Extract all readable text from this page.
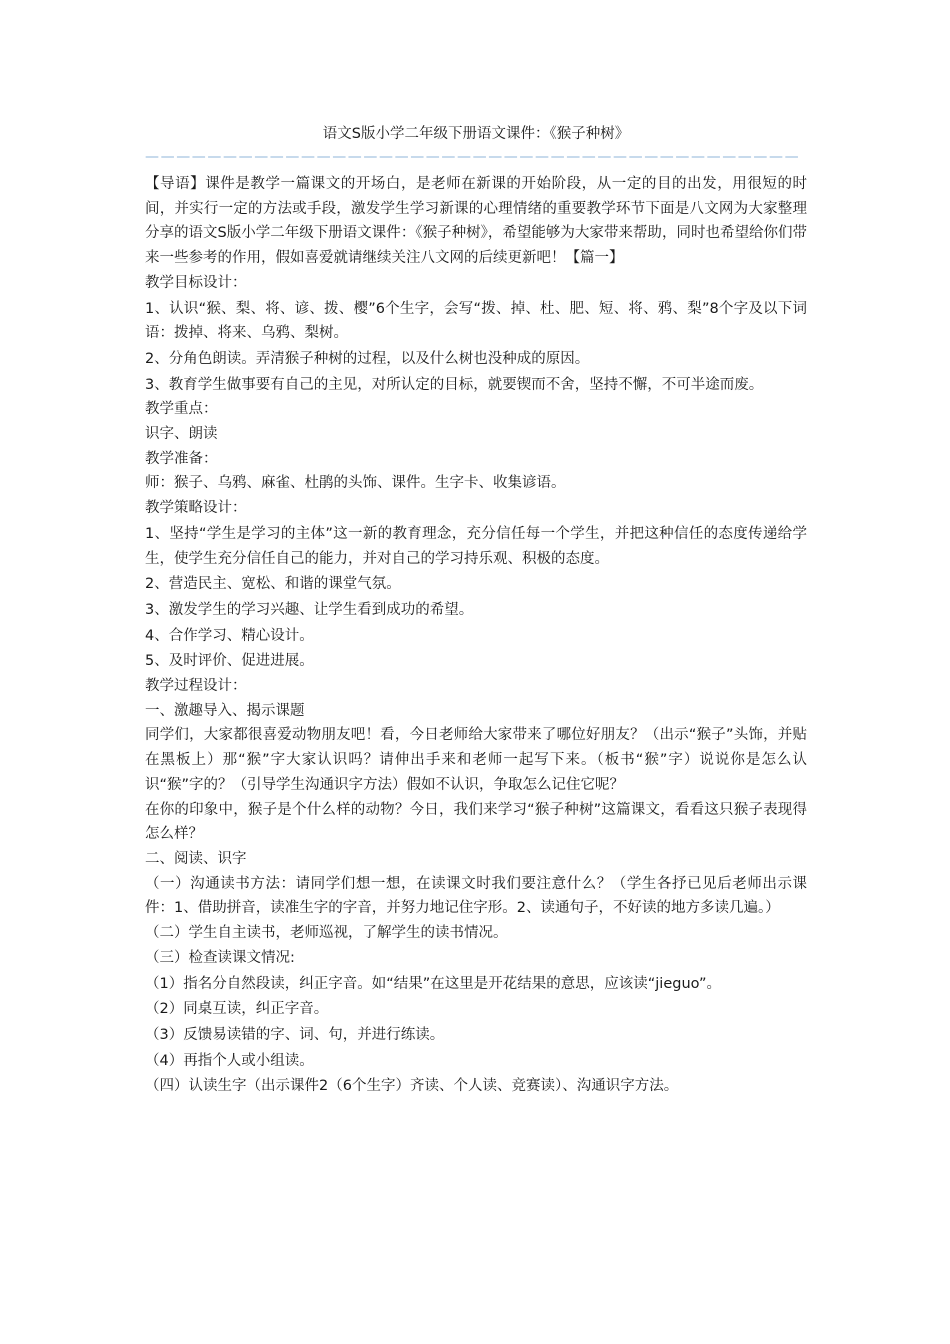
语文S版小学二年级下册语文课件：《猴子种树》

——————————————————————————————————————————

【导语】课件是教学一篇课文的开场白，是老师在新课的开始阶段，从一定的目的出发，用很短的时间，并实行一定的方法或手段，激发学生学习新课的心理情绪的重要教学环节下面是八文网为大家整理分享的语文S版小学二年级下册语文课件：《猴子种树》，希望能够为大家带来帮助，同时也希望给你们带来一些参考的作用，假如喜爱就请继续关注八文网的后续更新吧！【篇一】

教学目标设计：

1、认识“猴、梨、将、谚、拨、樱”6个生字，会写“拨、掉、杜、肥、短、将、鸦、梨”8个字及以下词语：拨掉、将来、乌鸦、梨树。

2、分角色朗读。弄清猴子种树的过程，以及什么树也没种成的原因。

3、教育学生做事要有自己的主见，对所认定的目标，就要锲而不舍，坚持不懈，不可半途而废。

教学重点：

识字、朗读

教学准备：

师：猴子、乌鸦、麻雀、杜鹃的头饰、课件。生字卡、收集谚语。

教学策略设计：

1、坚持“学生是学习的主体”这一新的教育理念，充分信任每一个学生，并把这种信任的态度传递给学生，使学生充分信任自己的能力，并对自己的学习持乐观、积极的态度。

2、营造民主、宽松、和谐的课堂气氛。

3、激发学生的学习兴趣、让学生看到成功的希望。

4、合作学习、精心设计。

5、及时评价、促进进展。

教学过程设计：

一、激趣导入、揭示课题

同学们，大家都很喜爱动物朋友吧！看，今日老师给大家带来了哪位好朋友？（出示“猴子”头饰，并贴在黑板上）那“猴”字大家认识吗？请伸出手来和老师一起写下来。（板书“猴”字）说说你是怎么认识“猴”字的？（引导学生沟通识字方法）假如不认识，争取怎么记住它呢？

在你的印象中，猴子是个什么样的动物？今日，我们来学习“猴子种树”这篇课文，看看这只猴子表现得怎么样？

二、阅读、识字

（一）沟通读书方法：请同学们想一想，在读课文时我们要注意什么？（学生各抒已见后老师出示课件：1、借助拼音，读准生字的字音，并努力地记住字形。2、读通句子，不好读的地方多读几遍。）

（二）学生自主读书，老师巡视，了解学生的读书情况。

（三）检查读课文情况:

（1）指名分自然段读，纠正字音。如“结果”在这里是开花结果的意思，应该读“jieguo”。

（2）同桌互读，纠正字音。

（3）反馈易读错的字、词、句，并进行练读。

（4）再指个人或小组读。

（四）认读生字（出示课件2（6个生字）齐读、个人读、竞赛读）、沟通识字方法。
